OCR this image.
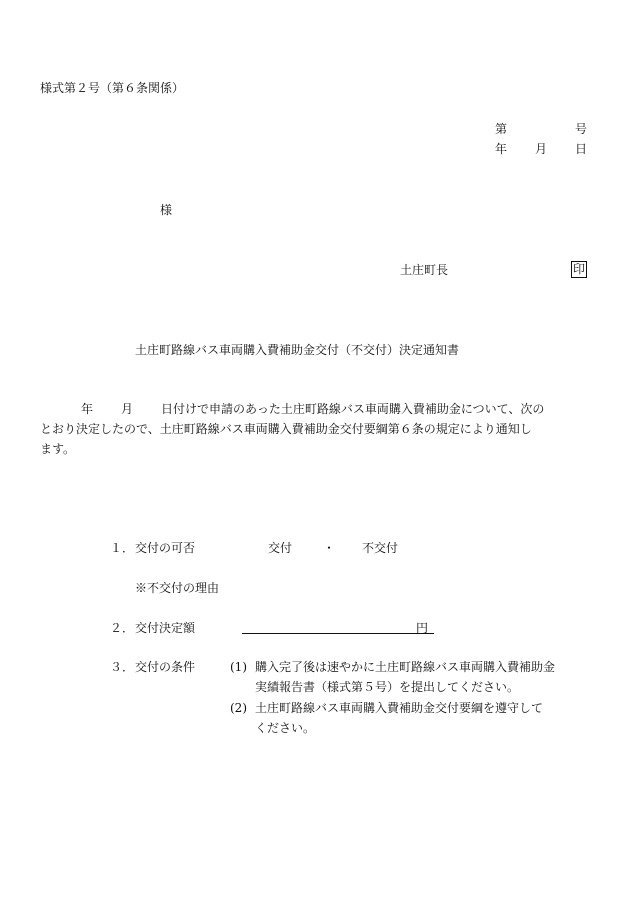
様式第２号（第６条関係）
第	号
年 月 日
様
土庄町長	印
土庄町路線バス車両購入費補助金交付（不交付）決定通知書
年 月 日付けで申請のあった土庄町路線バス車両購入費補助金について、次の
とおり決定したので、土庄町路線バス車両購入費補助金交付要綱第６条の規定により通知し
ます。
１． 交付の可否	交付	・ 不交付
※不交付の理由
２． 交付決定額	円
３． 交付の条件	(1) 購入完了後は速やかに土庄町路線バス車両購入費補助金
実績報告書（様式第５号）を提出してください。
(2) 土庄町路線バス車両購入費補助金交付要綱を遵守して
ください。
